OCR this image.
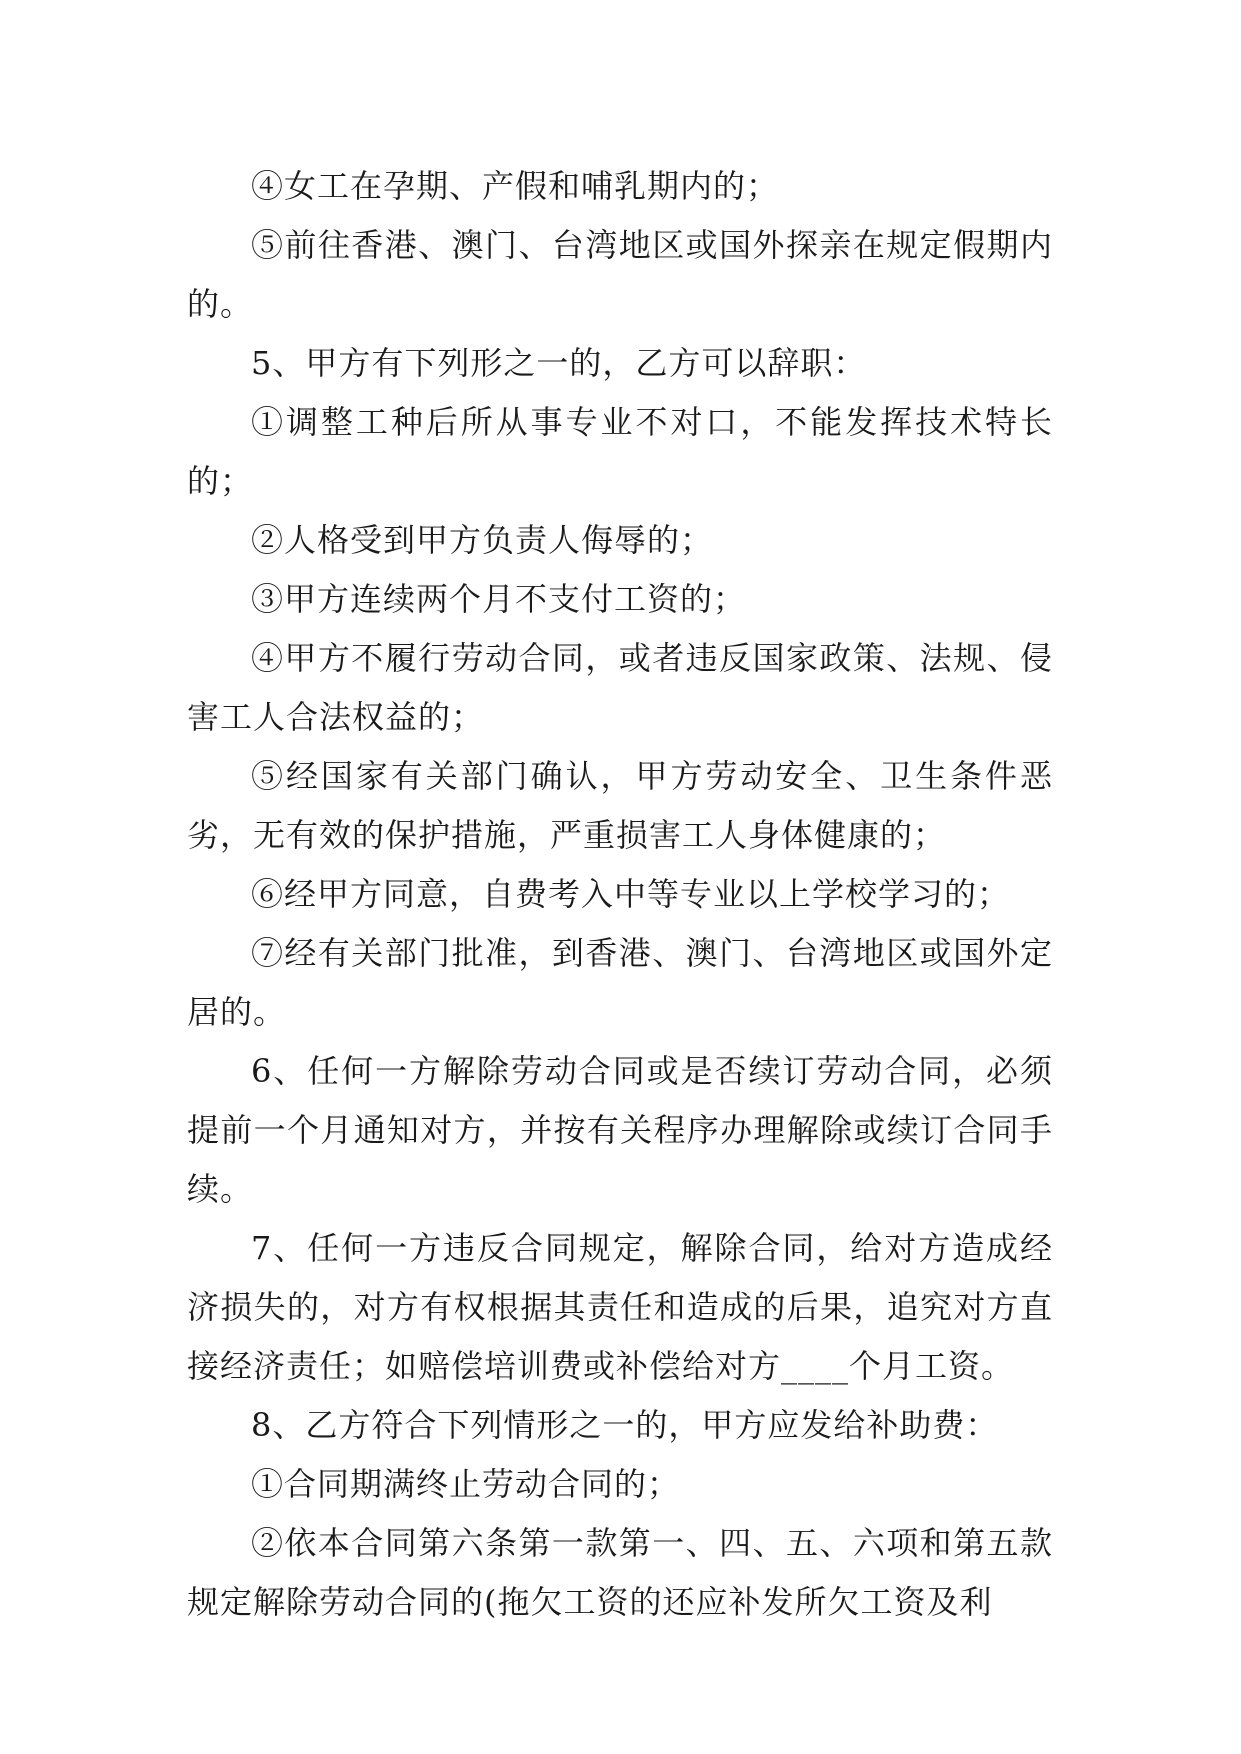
④女工在孕期、产假和哺乳期内的；

⑤前往香港、澳门、台湾地区或国外探亲在规定假期内的。

5、甲方有下列形之一的，乙方可以辞职：

①调整工种后所从事专业不对口，不能发挥技术特长的；

②人格受到甲方负责人侮辱的；

③甲方连续两个月不支付工资的；

④甲方不履行劳动合同，或者违反国家政策、法规、侵害工人合法权益的；

⑤经国家有关部门确认，甲方劳动安全、卫生条件恶劣，无有效的保护措施，严重损害工人身体健康的；

⑥经甲方同意，自费考入中等专业以上学校学习的；

⑦经有关部门批准，到香港、澳门、台湾地区或国外定居的。

6、任何一方解除劳动合同或是否续订劳动合同，必须提前一个月通知对方，并按有关程序办理解除或续订合同手续。

7、任何一方违反合同规定，解除合同，给对方造成经济损失的，对方有权根据其责任和造成的后果，追究对方直接经济责任；如赔偿培训费或补偿给对方____个月工资。

8、乙方符合下列情形之一的，甲方应发给补助费：

①合同期满终止劳动合同的；

②依本合同第六条第一款第一、四、五、六项和第五款规定解除劳动合同的(拖欠工资的还应补发所欠工资及利
